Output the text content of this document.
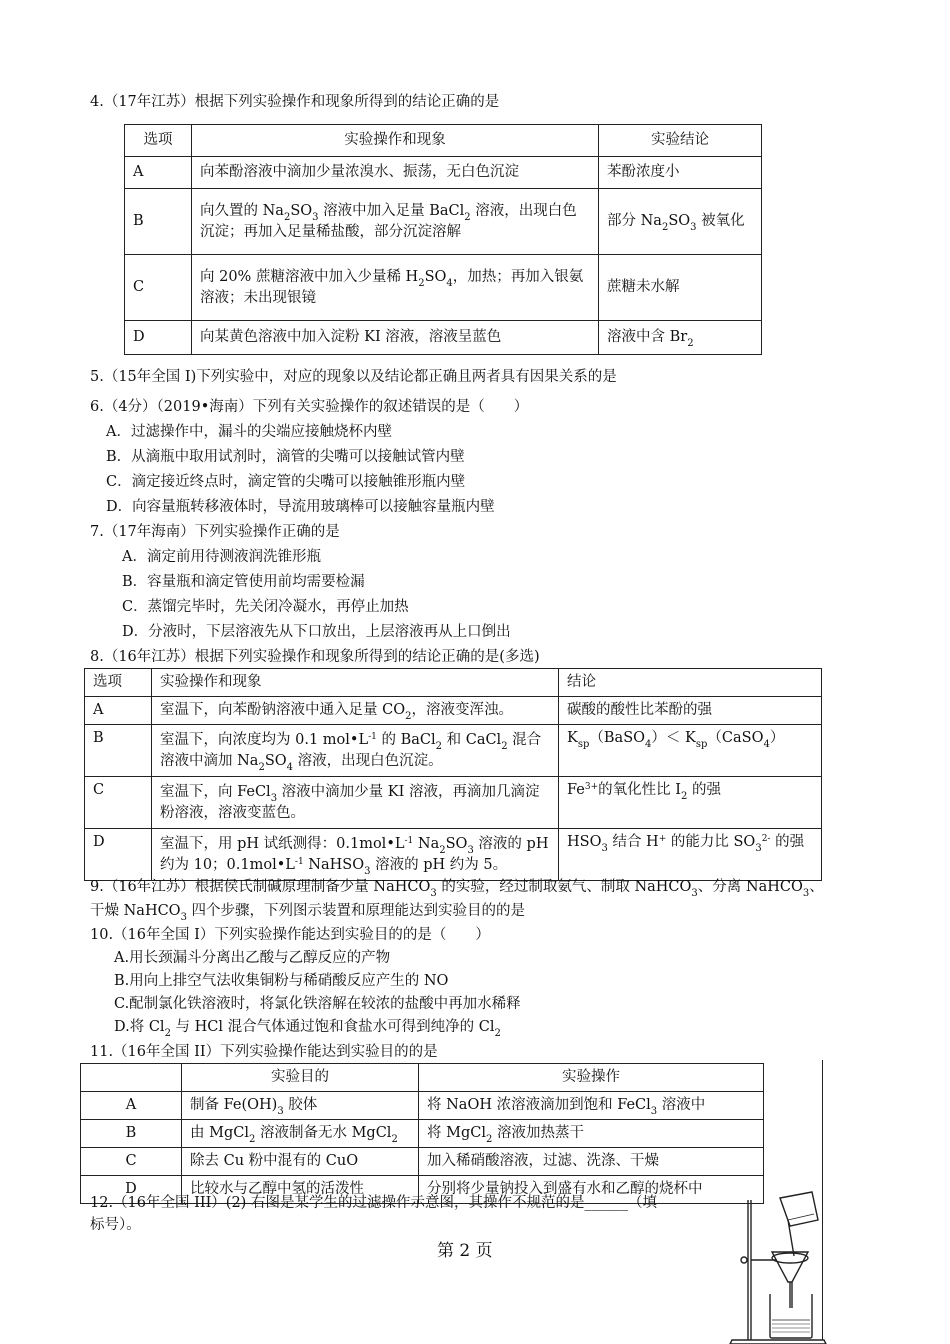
4.（17年江苏）根据下列实验操作和现象所得到的结论正确的是
选项	实验操作和现象	实验结论
A	向苯酚溶液中滴加少量浓溴水、振荡，无白色沉淀	苯酚浓度小
B	向久置的 $Na_2SO_3$ 溶液中加入足量 BaCl$_2$ 溶液，出现白色沉淀；再加入足量稀盐酸，部分沉淀溶解	部分 $Na_2SO_3$ 被氧化
C	向 20% 蔗糖溶液中加入少量稀 $H_2SO_4$，加热；再加入银氨溶液；未出现银镜	蔗糖未水解
D	向某黄色溶液中加入淀粉 KI 溶液，溶液呈蓝色	溶液中含 $Br_2$
5.（15年全国 I)下列实验中，对应的现象以及结论都正确且两者具有因果关系的是
6.（4分）（2019•海南）下列有关实验操作的叙述错误的是（　　）
A．过滤操作中，漏斗的尖端应接触烧杯内壁
B．从滴瓶中取用试剂时，滴管的尖嘴可以接触试管内壁
C．滴定接近终点时，滴定管的尖嘴可以接触锥形瓶内壁
D．向容量瓶转移液体时，导流用玻璃棒可以接触容量瓶内壁
7.（17年海南）下列实验操作正确的是
A．滴定前用待测液润洗锥形瓶
B．容量瓶和滴定管使用前均需要检漏
C．蒸馏完毕时，先关闭冷凝水，再停止加热
D．分液时，下层溶液先从下口放出，上层溶液再从上口倒出
8.（16年江苏）根据下列实验操作和现象所得到的结论正确的是(多选)
选项	实验操作和现象	结论
A	室温下，向苯酚钠溶液中通入足量 $CO_2$，溶液变浑浊。	碳酸的酸性比苯酚的强
B	室温下，向浓度均为 0.1 $mol•L^{-1}$ 的 BaCl$_2$ 和 CaCl$_2$ 混合溶液中滴加 $Na_2SO_4$ 溶液，出现白色沉淀。	$K_{sp}(BaSO_4)<$ $K_{sp}(CaSO_4)$
C	室温下，向 FeCl$_3$ 溶液中滴加少量 KI 溶液，再滴加几滴淀粉溶液，溶液变蓝色。	$Fe^{3+}$的氧化性比 $I_2$ 的强
D	室温下，用 pH 试纸测得：$0.1mol•L^{-1}$ $Na_2SO_3$ 溶液的 pH 约为 10；$0.1mol•L^{-1}$ NaHSO$_3$ 溶液的 pH 约为 5。	$HSO_3$ 结合 H+ 的能力比 $SO_3^{2-}$ 的强
9.（16年江苏）根据侯氏制碱原理制备少量 NaHCO$_3$ 的实验，经过制取氨气、制取 NaHCO$_3$、分离 NaHCO$_3$、
干燥 NaHCO$_3$ 四个步骤，下列图示装置和原理能达到实验目的的是
10.（16年全国 I）下列实验操作能达到实验目的的是（　　）
A.用长颈漏斗分离出乙酸与乙醇反应的产物
B.用向上排空气法收集铜粉与稀硝酸反应产生的 NO
C.配制氯化铁溶液时，将氯化铁溶解在较浓的盐酸中再加水稀释
D.将 $Cl_2$ 与 HCl 混合气体通过饱和食盐水可得到纯净的 $Cl_2$
11.（16年全国 II）下列实验操作能达到实验目的的是
	实验目的	实验操作
A	制备 $Fe(OH)_3$ 胶体	将 NaOH 浓溶液滴加到饱和 FeCl$_3$ 溶液中
B	由 MgCl$_2$ 溶液制备无水 MgCl$_2$	将 MgCl$_2$ 溶液加热蒸干
C	除去 Cu 粉中混有的 CuO	加入稀硝酸溶液，过滤、洗涤、干燥
D	比较水与乙醇中氢的活泼性	分别将少量钠投入到盛有水和乙醇的烧杯中
12.（16年全国 III）(2) 右图是某学生的过滤操作示意图，其操作不规范的是______（填
标号）。
第 2 页
